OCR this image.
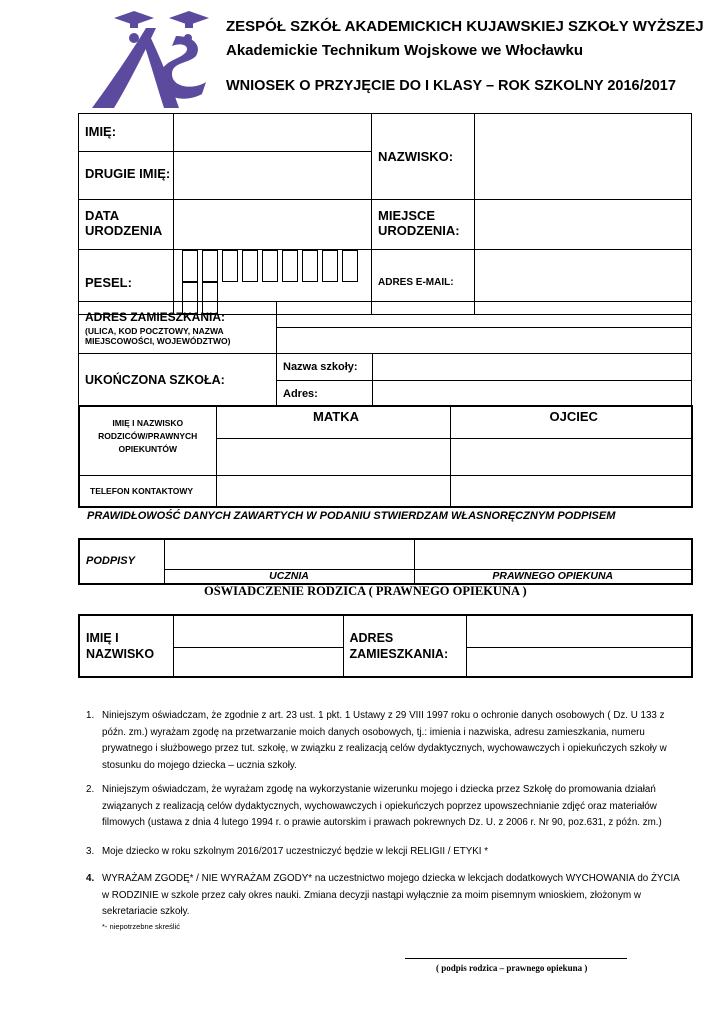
ZESPÓŁ SZKÓŁ AKADEMICKICH KUJAWSKIEJ SZKOŁY WYŻSZEJ
Akademickie Technikum Wojskowe we Włocławku
WNIOSEK O PRZYJĘCIE DO I KLASY – ROK SZKOLNY 2016/2017
IMIĘ:		NAZWISKO:	
DRUGIE IMIĘ:			
DATA URODZENIA		MIEJSCE URODZENIA:	
PESEL:		ADRES E-MAIL:	
ADRES ZAMIESZKANIA:
(ULICA, KOD POCZTOWY, NAZWA MIEJSCOWOŚCI, WOJEWÓDZTWO)

UKOŃCZONA SZKOŁA:	Nazwa szkoły:	
	Adres:	
IMIĘ I NAZWISKO RODZICÓW/PRAWNYCH OPIEKUNTÓW	MATKA	OJCIEC

TELEFON KONTAKTOWY		
PRAWIDŁOWOŚĆ DANYCH ZAWARTYCH W PODANIU STWIERDZAM WŁASNORĘCZNYM PODPISEM
PODPISY		
	UCZNIA	PRAWNEGO OPIEKUNA
OŚWIADCZENIE RODZICA ( PRAWNEGO OPIEKUNA )
IMIĘ I NAZWISKO		ADRES ZAMIESZKANIA:	

1. Niniejszym oświadczam, że zgodnie z art. 23 ust. 1 pkt. 1 Ustawy z 29 VIII 1997 roku o ochronie danych osobowych ( Dz. U 133 z późn. zm.) wyrażam zgodę na przetwarzanie moich danych osobowych, tj.: imienia i nazwiska, adresu zamieszkania, numeru prywatnego i służbowego przez tut. szkołę, w związku z realizacją celów dydaktycznych, wychowawczych i opiekuńczych szkoły w stosunku do mojego dziecka – ucznia szkoły.
2. Niniejszym oświadczam, że wyrażam zgodę na wykorzystanie wizerunku mojego i dziecka przez Szkołę do promowania działań związanych z realizacją celów dydaktycznych, wychowawczych i opiekuńczych poprzez upowszechnianie zdjęć oraz materiałów filmowych (ustawa z dnia 4 lutego 1994 r. o prawie autorskim i prawach pokrewnych Dz. U. z 2006 r. Nr 90, poz.631, z późn. zm.)
3. Moje dziecko w roku szkolnym 2016/2017 uczestniczyć będzie w lekcji RELIGII / ETYKI *
4. WYRAŻAM ZGODĘ* / NIE WYRAŻAM ZGODY* na uczestnictwo mojego dziecka w lekcjach dodatkowych WYCHOWANIA do ŻYCIA w RODZINIE w szkole przez cały okres nauki. Zmiana decyzji nastąpi wyłącznie za moim pisemnym wnioskiem, złożonym w sekretariacie szkoły.
*- niepotrzebne skreślić
( podpis rodzica – prawnego opiekuna )
